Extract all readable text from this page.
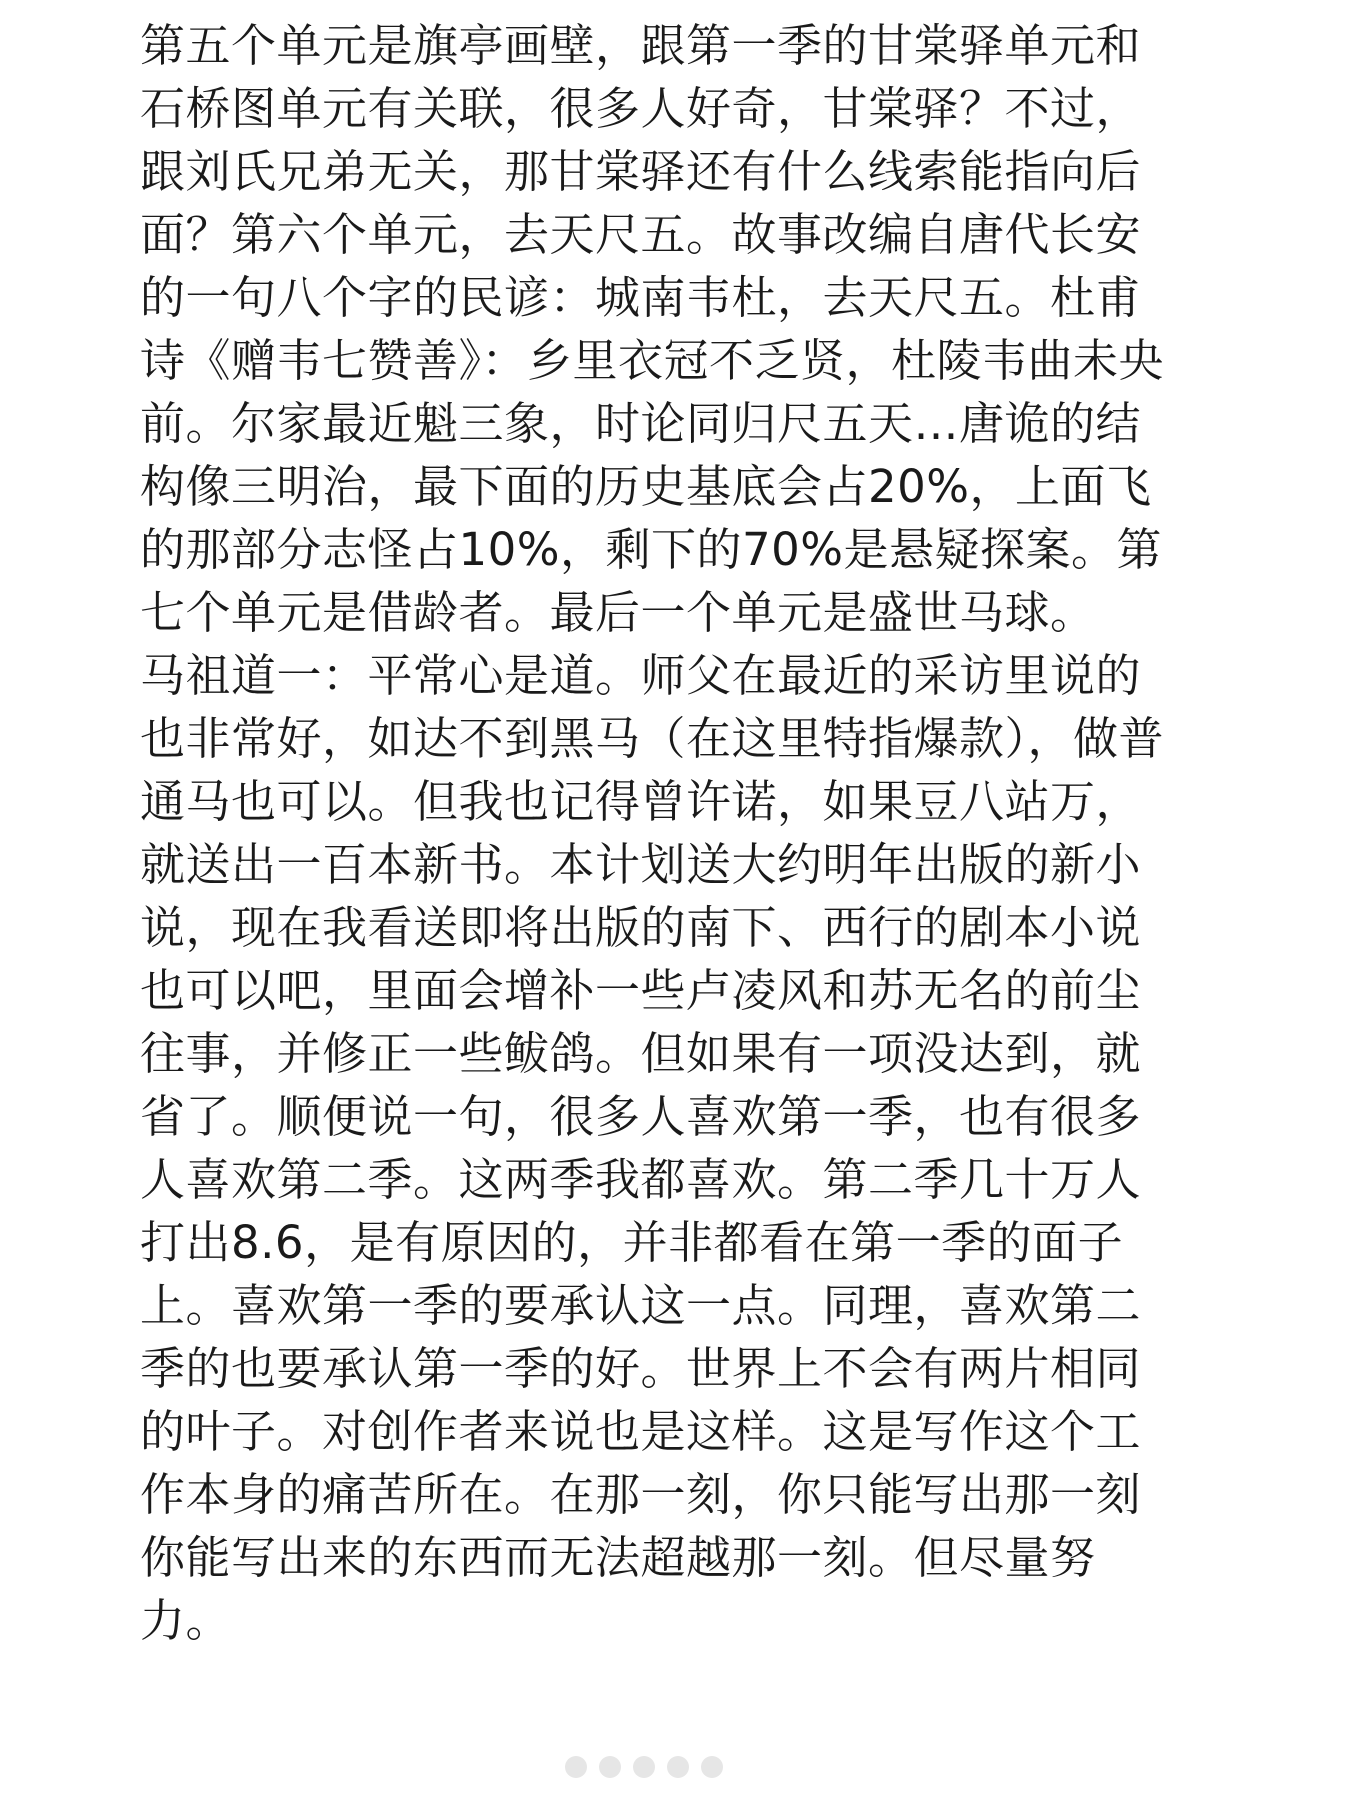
第五个单元是旗亭画壁，跟第一季的甘棠驿单元和
石桥图单元有关联，很多人好奇，甘棠驿？不过，
跟刘氏兄弟无关，那甘棠驿还有什么线索能指向后
面？第六个单元，去天尺五。故事改编自唐代长安
的一句八个字的民谚：城南韦杜，去天尺五。杜甫
诗《赠韦七赞善》：乡里衣冠不乏贤，杜陵韦曲未央
前。尔家最近魁三象，时论同归尺五天…唐诡的结
构像三明治，最下面的历史基底会占20%，上面飞
的那部分志怪占10%，剩下的70%是悬疑探案。第
七个单元是借龄者。最后一个单元是盛世马球。
马祖道一：平常心是道。师父在最近的采访里说的
也非常好，如达不到黑马（在这里特指爆款），做普
通马也可以。但我也记得曾许诺，如果豆八站万，
就送出一百本新书。本计划送大约明年出版的新小
说，现在我看送即将出版的南下、西行的剧本小说
也可以吧，里面会增补一些卢凌风和苏无名的前尘
往事，并修正一些鲅鸽。但如果有一项没达到，就
省了。顺便说一句，很多人喜欢第一季，也有很多
人喜欢第二季。这两季我都喜欢。第二季几十万人
打出8.6，是有原因的，并非都看在第一季的面子
上。喜欢第一季的要承认这一点。同理，喜欢第二
季的也要承认第一季的好。世界上不会有两片相同
的叶子。对创作者来说也是这样。这是写作这个工
作本身的痛苦所在。在那一刻，你只能写出那一刻
你能写出来的东西而无法超越那一刻。但尽量努
力。
